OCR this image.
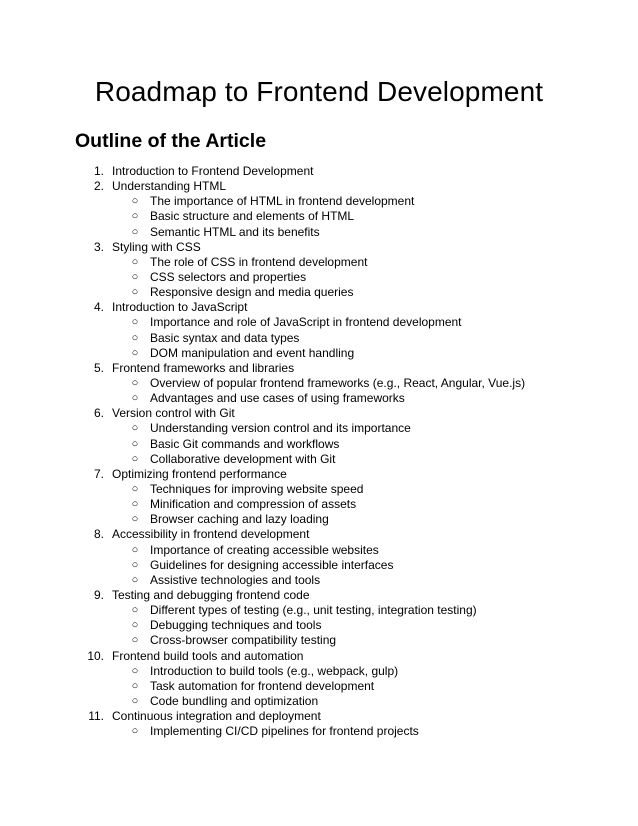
Roadmap to Frontend Development
Outline of the Article
1. Introduction to Frontend Development
2. Understanding HTML
○ The importance of HTML in frontend development
○ Basic structure and elements of HTML
○ Semantic HTML and its benefits
3. Styling with CSS
○ The role of CSS in frontend development
○ CSS selectors and properties
○ Responsive design and media queries
4. Introduction to JavaScript
○ Importance and role of JavaScript in frontend development
○ Basic syntax and data types
○ DOM manipulation and event handling
5. Frontend frameworks and libraries
○ Overview of popular frontend frameworks (e.g., React, Angular, Vue.js)
○ Advantages and use cases of using frameworks
6. Version control with Git
○ Understanding version control and its importance
○ Basic Git commands and workflows
○ Collaborative development with Git
7. Optimizing frontend performance
○ Techniques for improving website speed
○ Minification and compression of assets
○ Browser caching and lazy loading
8. Accessibility in frontend development
○ Importance of creating accessible websites
○ Guidelines for designing accessible interfaces
○ Assistive technologies and tools
9. Testing and debugging frontend code
○ Different types of testing (e.g., unit testing, integration testing)
○ Debugging techniques and tools
○ Cross-browser compatibility testing
10. Frontend build tools and automation
○ Introduction to build tools (e.g., webpack, gulp)
○ Task automation for frontend development
○ Code bundling and optimization
11. Continuous integration and deployment
○ Implementing CI/CD pipelines for frontend projects
